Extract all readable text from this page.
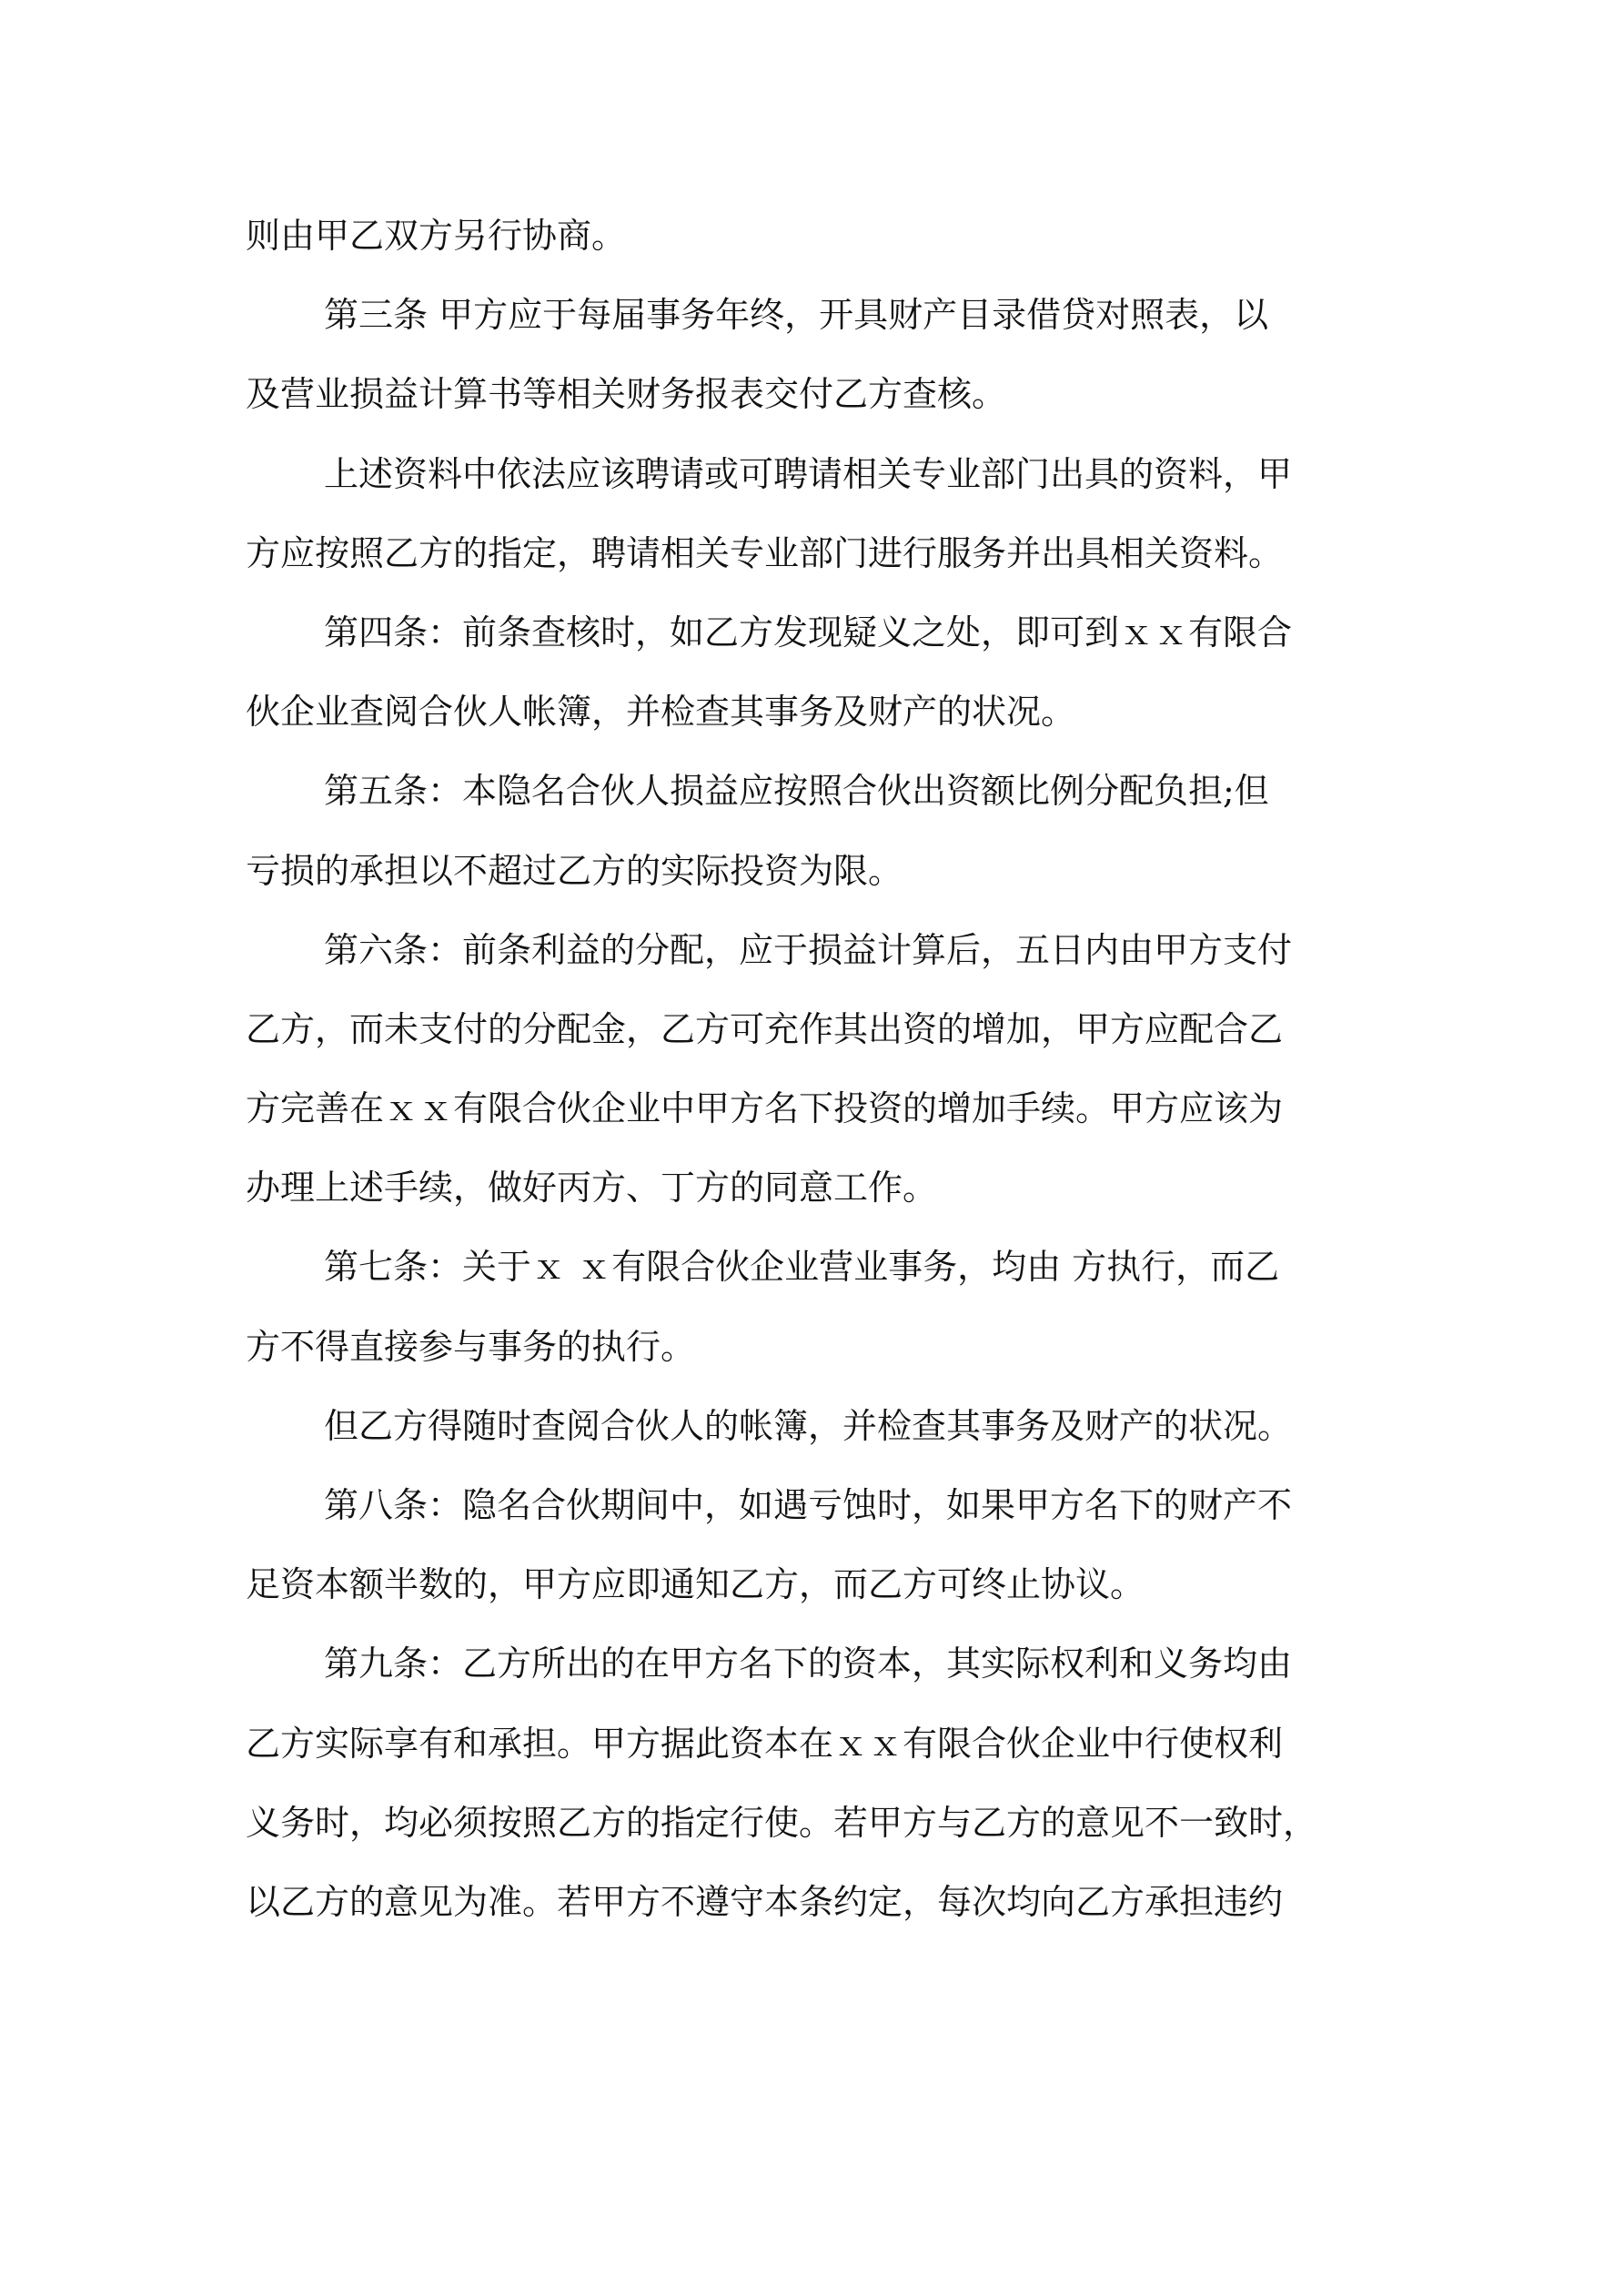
则由甲乙双方另行协商。
第三条 甲方应于每届事务年终，开具财产目录借贷对照表，以
及营业损益计算书等相关财务报表交付乙方查核。
上述资料中依法应该聘请或可聘请相关专业部门出具的资料，甲
方应按照乙方的指定，聘请相关专业部门进行服务并出具相关资料。
第四条：前条查核时，如乙方发现疑义之处，即可到ｘｘ有限合
伙企业查阅合伙人帐簿，并检查其事务及财产的状况。
第五条：本隐名合伙人损益应按照合伙出资额比例分配负担;但
亏损的承担以不超过乙方的实际投资为限。
第六条：前条利益的分配，应于损益计算后，五日内由甲方支付
乙方，而未支付的分配金，乙方可充作其出资的增加，甲方应配合乙
方完善在ｘｘ有限合伙企业中甲方名下投资的增加手续。甲方应该为
办理上述手续，做好丙方、丁方的同意工作。
第七条：关于ｘ ｘ有限合伙企业营业事务，均由 方执行，而乙
方不得直接参与事务的执行。
但乙方得随时查阅合伙人的帐簿，并检查其事务及财产的状况。
第八条：隐名合伙期间中，如遇亏蚀时，如果甲方名下的财产不
足资本额半数的，甲方应即通知乙方，而乙方可终止协议。
第九条：乙方所出的在甲方名下的资本，其实际权利和义务均由
乙方实际享有和承担。甲方据此资本在ｘｘ有限合伙企业中行使权利
义务时，均必须按照乙方的指定行使。若甲方与乙方的意见不一致时，
以乙方的意见为准。若甲方不遵守本条约定，每次均向乙方承担违约
